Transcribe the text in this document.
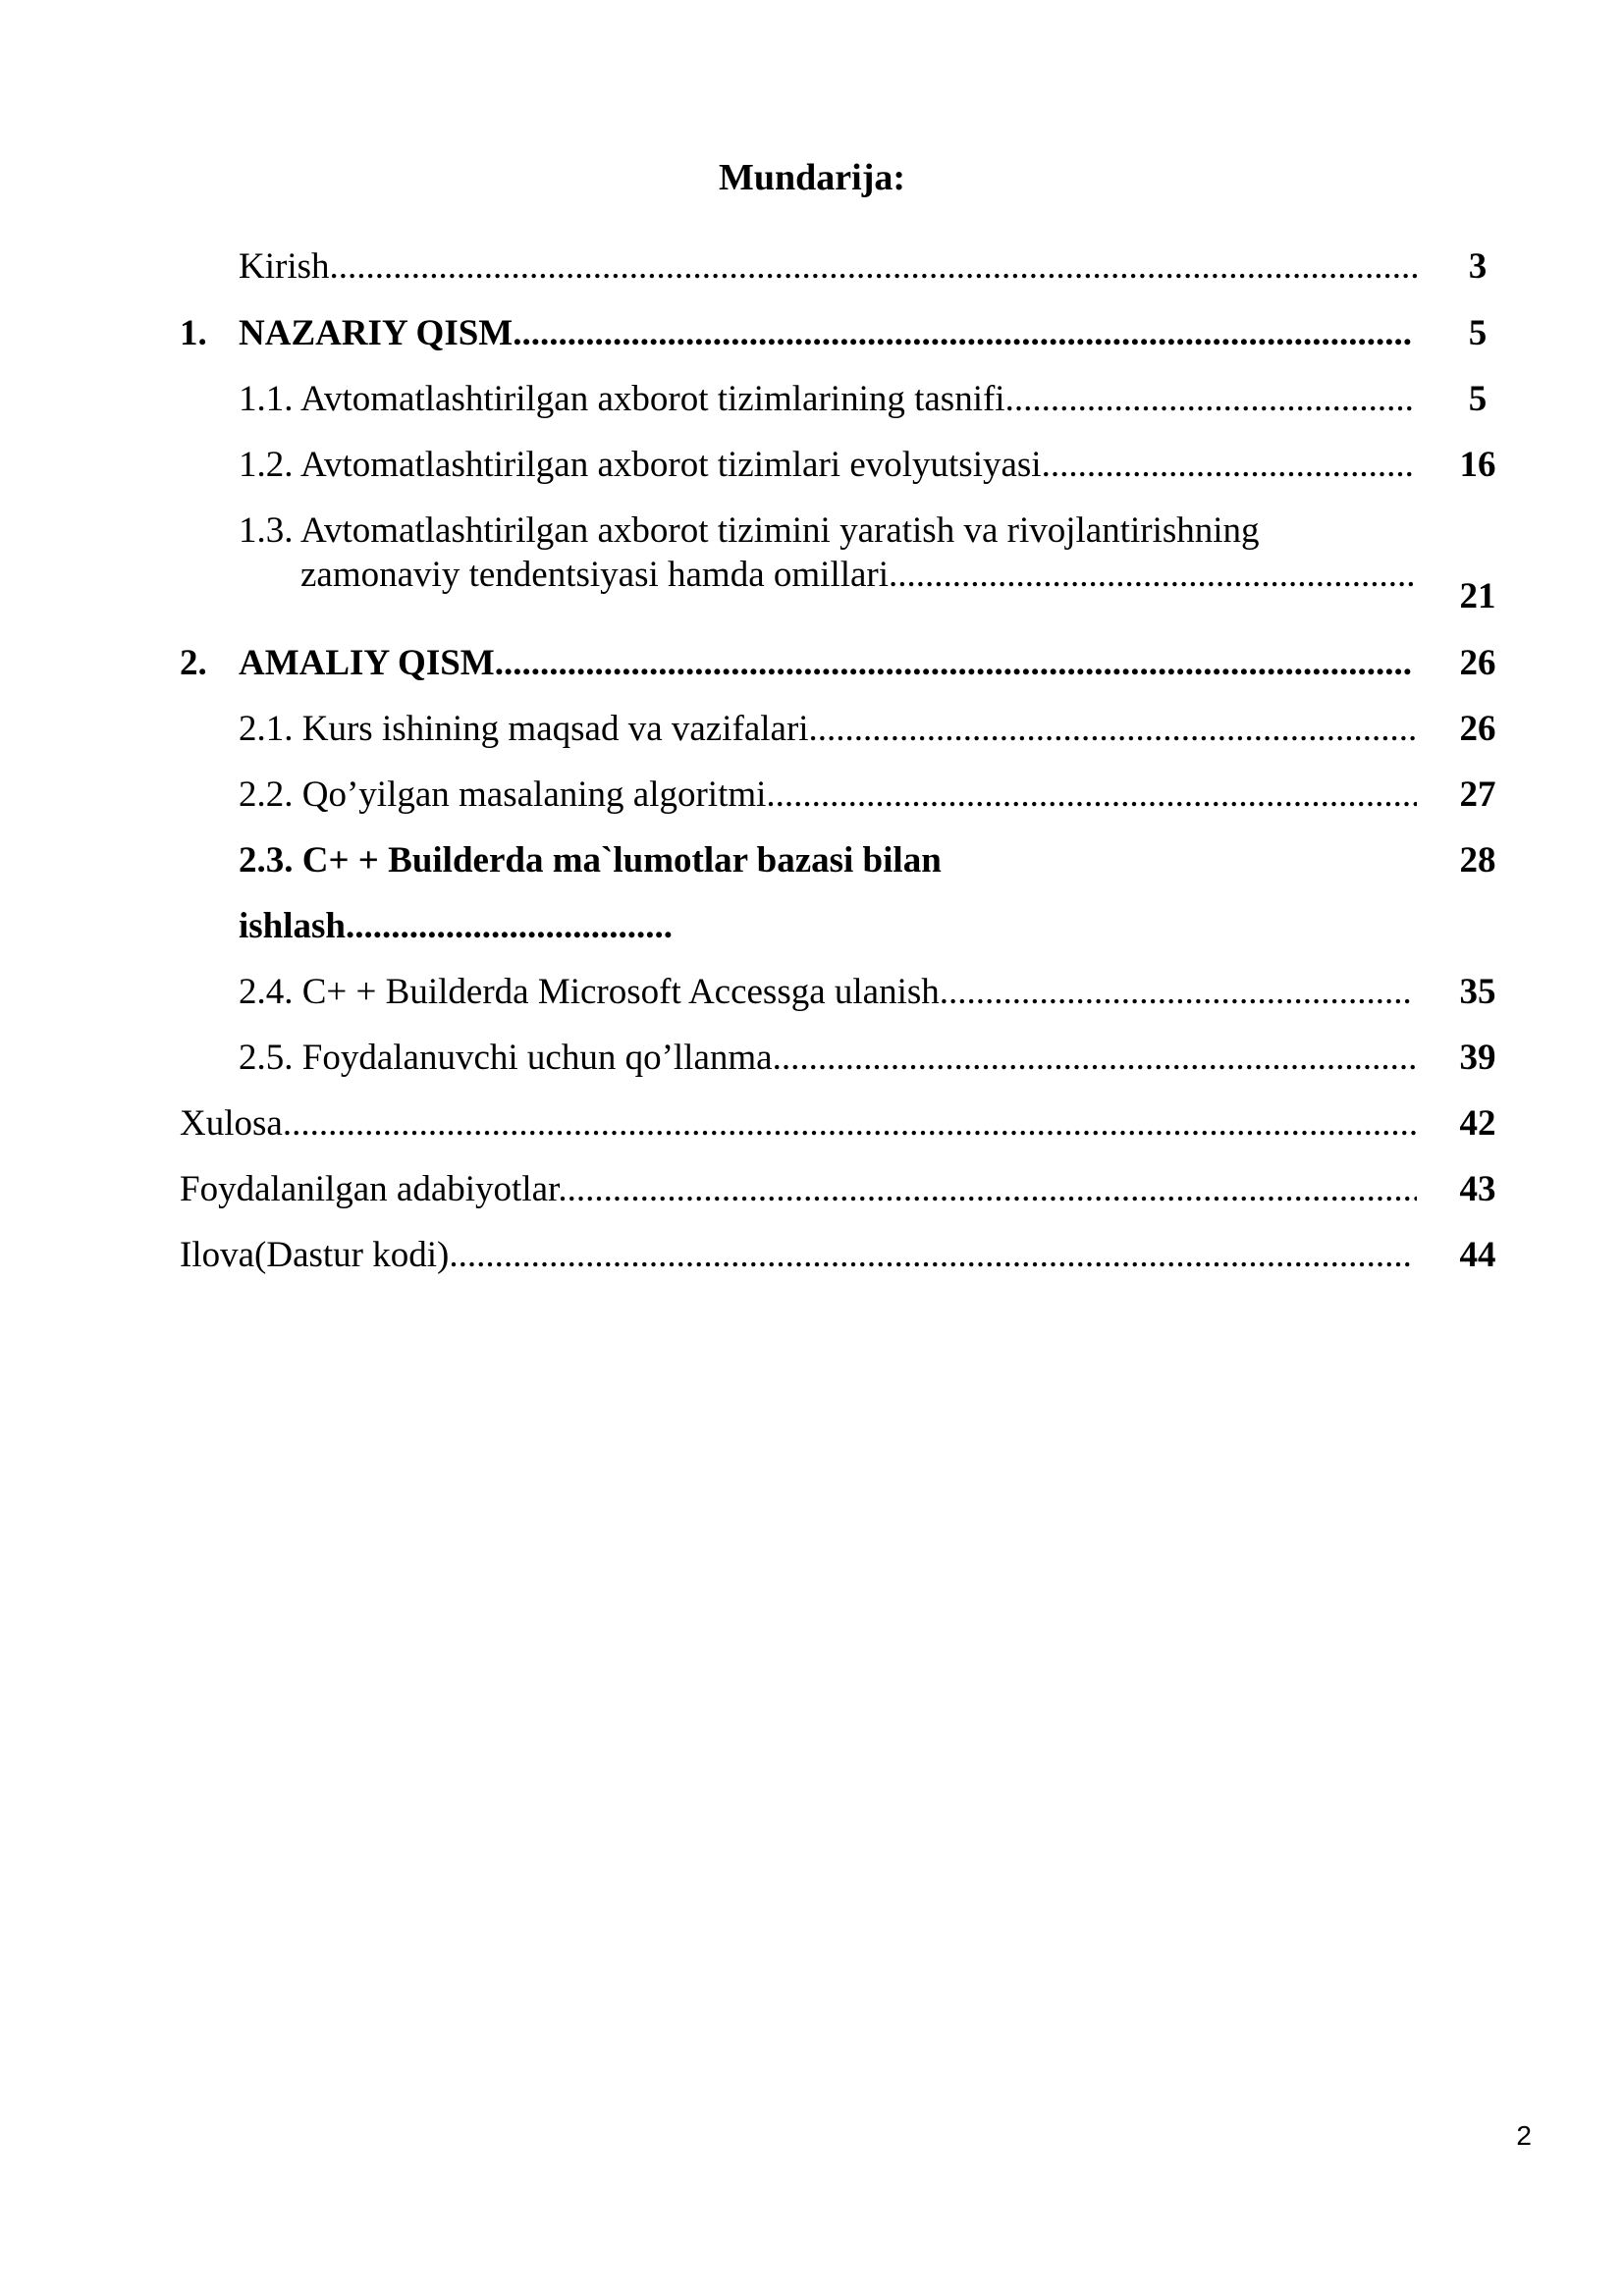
Mundarija:
Kirish .....	3
1. NAZARIY QISM .....	5
1.1. Avtomatlashtirilgan axborot tizimlarining tasnifi .....	5
1.2. Avtomatlashtirilgan axborot tizimlari evolyutsiyasi .....	16
1.3. Avtomatlashtirilgan axborot tizimini yaratish va rivojlantirishning
zamonaviy tendentsiyasi hamda omillari .....
21
2. AMALIY QISM .....	26
2.1. Kurs ishining maqsad va vazifalari .....	26
2.2. Qo’yilgan masalaning algoritmi .....	27
2.3. C+ + Builderda ma`lumotlar bazasi bilan	28
ishlash....................................
2.4. C+ + Builderda Microsoft Accessga ulanish .....	35
2.5. Foydalanuvchi uchun qo’llanma .....	39
Xulosa .....	42
Foydalanilgan adabiyotlar .....	43
Ilova(Dastur kodi) .....	44
2
